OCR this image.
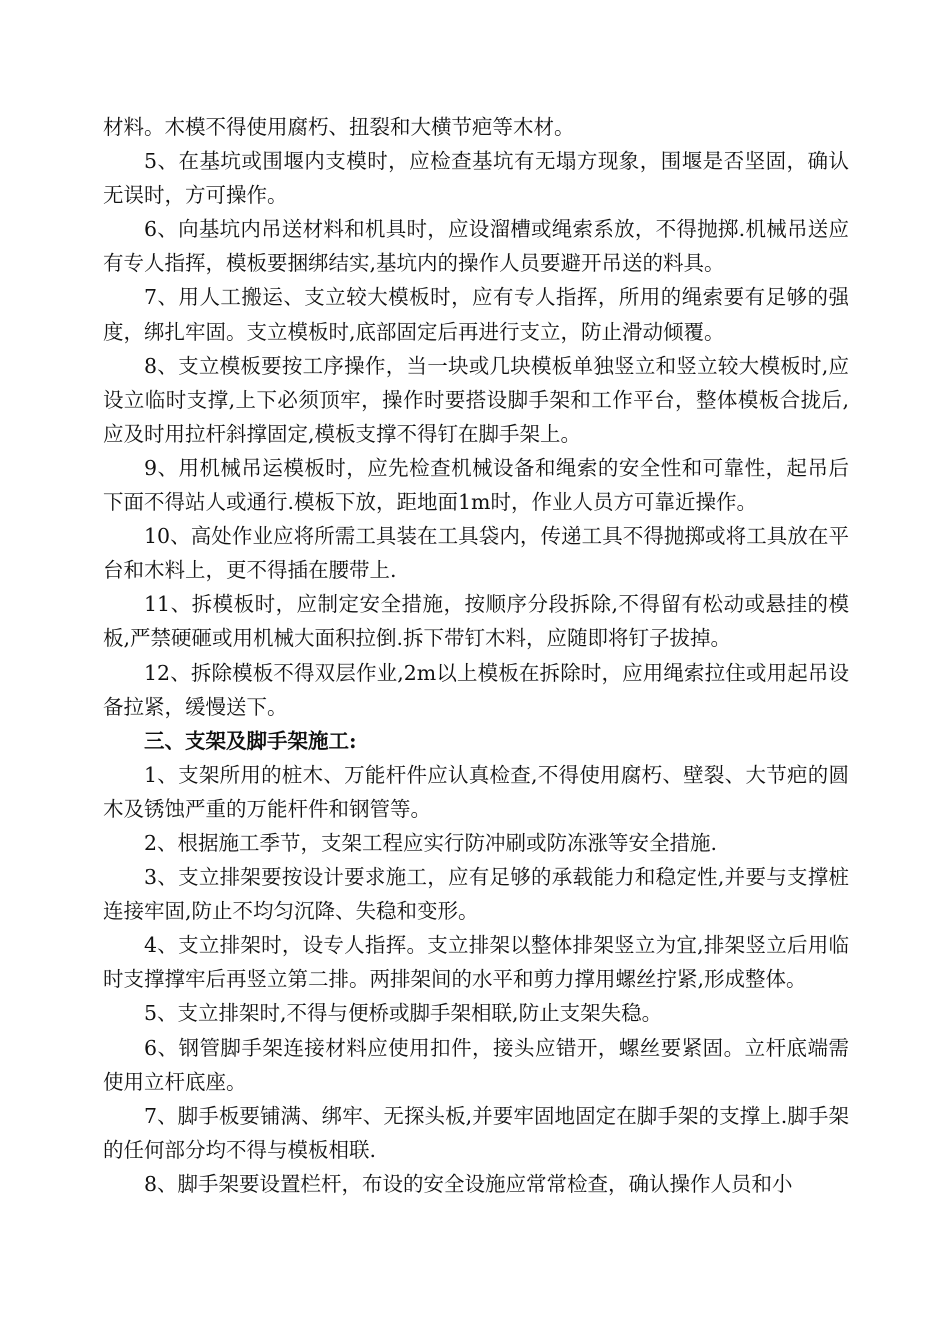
材料。木模不得使用腐朽、扭裂和大横节疤等木材。

5、在基坑或围堰内支模时，应检查基坑有无塌方现象，围堰是否坚固，确认无误时，方可操作。

6、向基坑内吊送材料和机具时，应设溜槽或绳索系放，不得抛掷.机械吊送应有专人指挥，模板要捆绑结实,基坑内的操作人员要避开吊送的料具。

7、用人工搬运、支立较大模板时，应有专人指挥，所用的绳索要有足够的强度，绑扎牢固。支立模板时,底部固定后再进行支立，防止滑动倾覆。

8、支立模板要按工序操作，当一块或几块模板单独竖立和竖立较大模板时,应设立临时支撑,上下必须顶牢，操作时要搭设脚手架和工作平台，整体模板合拢后,应及时用拉杆斜撑固定,模板支撑不得钉在脚手架上。

9、用机械吊运模板时，应先检查机械设备和绳索的安全性和可靠性，起吊后下面不得站人或通行.模板下放，距地面1m时，作业人员方可靠近操作。

10、高处作业应将所需工具装在工具袋内，传递工具不得抛掷或将工具放在平台和木料上，更不得插在腰带上.

11、拆模板时，应制定安全措施，按顺序分段拆除,不得留有松动或悬挂的模板,严禁硬砸或用机械大面积拉倒.拆下带钉木料，应随即将钉子拔掉。

12、拆除模板不得双层作业,2m以上模板在拆除时，应用绳索拉住或用起吊设备拉紧，缓慢送下。

三、支架及脚手架施工:

1、支架所用的桩木、万能杆件应认真检查,不得使用腐朽、壁裂、大节疤的圆木及锈蚀严重的万能杆件和钢管等。

2、根据施工季节，支架工程应实行防冲刷或防冻涨等安全措施.

3、支立排架要按设计要求施工，应有足够的承载能力和稳定性,并要与支撑桩连接牢固,防止不均匀沉降、失稳和变形。

4、支立排架时，设专人指挥。支立排架以整体排架竖立为宜,排架竖立后用临时支撑撑牢后再竖立第二排。两排架间的水平和剪力撑用螺丝拧紧,形成整体。

5、支立排架时,不得与便桥或脚手架相联,防止支架失稳。

6、钢管脚手架连接材料应使用扣件，接头应错开，螺丝要紧固。立杆底端需使用立杆底座。

7、脚手板要铺满、绑牢、无探头板,并要牢固地固定在脚手架的支撑上.脚手架的任何部分均不得与模板相联.

8、脚手架要设置栏杆，布设的安全设施应常常检查，确认操作人员和小
